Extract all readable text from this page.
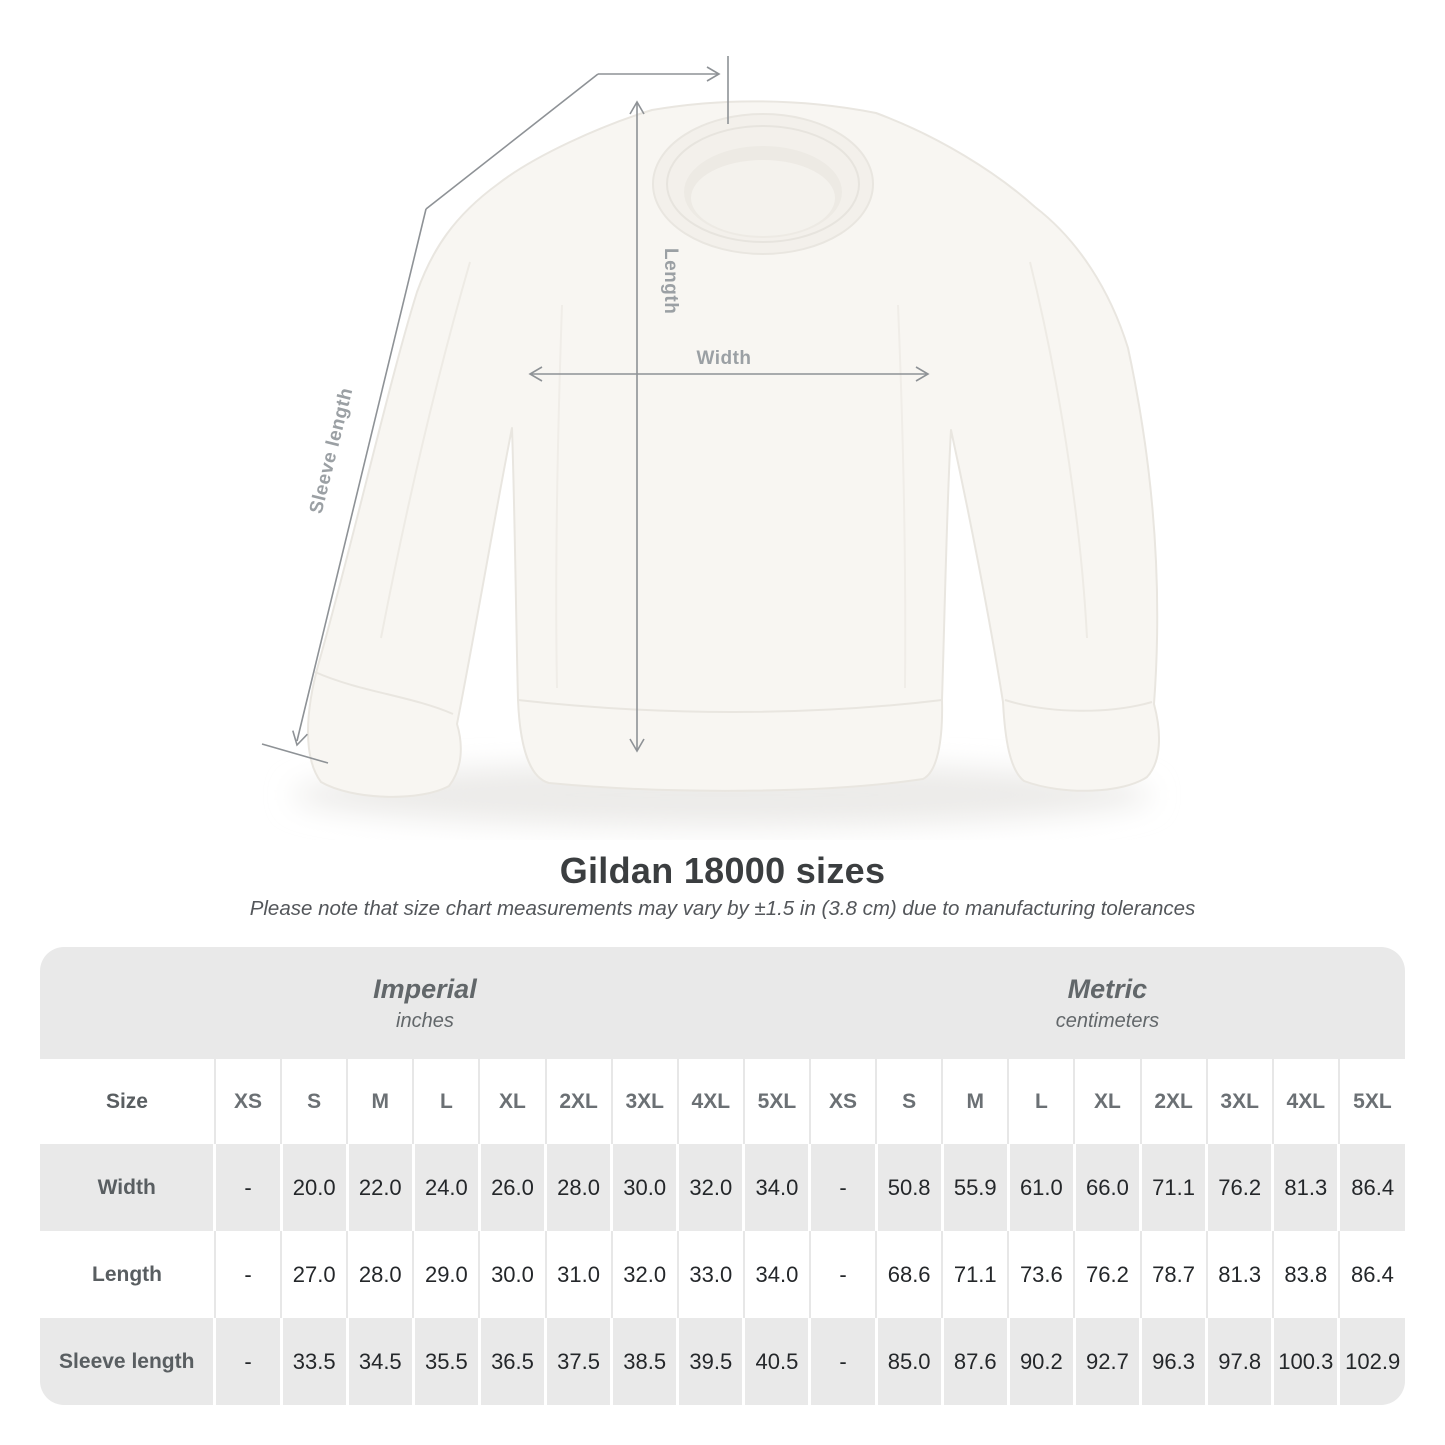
Length
Width
Sleeve length
Gildan 18000 sizes
Please note that size chart measurements may vary by ±1.5 in (3.8 cm) due to manufacturing tolerances
Imperial
inches
Metric
centimeters
Size	XS	S	M	L	XL	2XL	3XL	4XL	5XL	XS	S	M	L	XL	2XL	3XL	4XL	5XL
Width	-	20.0	22.0	24.0	26.0	28.0	30.0	32.0	34.0	-	50.8	55.9	61.0	66.0	71.1	76.2	81.3	86.4
Length	-	27.0	28.0	29.0	30.0	31.0	32.0	33.0	34.0	-	68.6	71.1	73.6	76.2	78.7	81.3	83.8	86.4
Sleeve length	-	33.5	34.5	35.5	36.5	37.5	38.5	39.5	40.5	-	85.0	87.6	90.2	92.7	96.3	97.8	100.3	102.9
